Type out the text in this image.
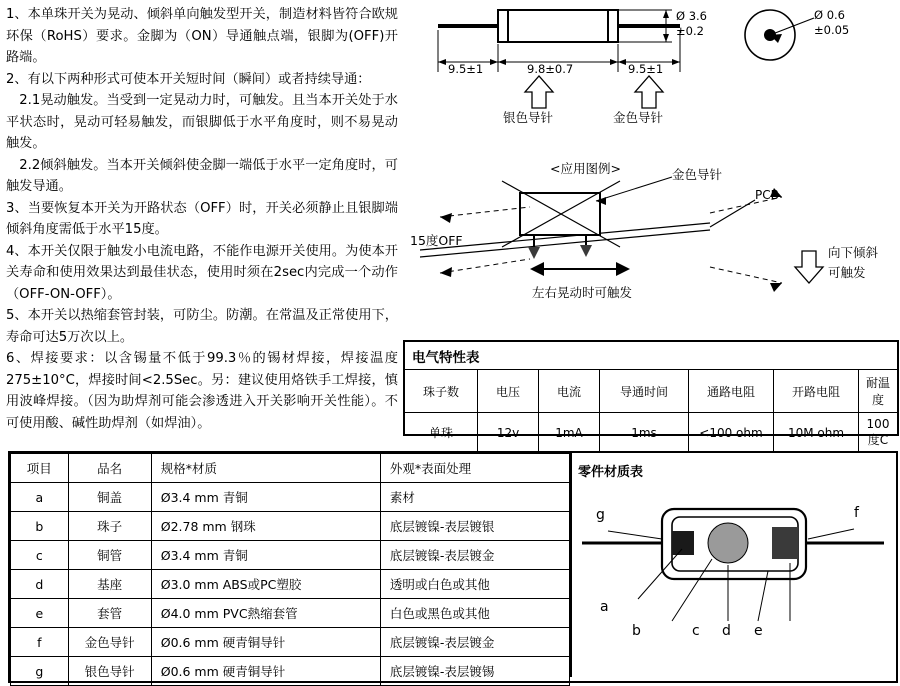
1、本单珠开关为晃动、倾斜单向触发型开关，制造材料皆符合欧规环保（RoHS）要求。金脚为（ON）导通触点端，银脚为(OFF)开路端。

2、有以下两种形式可使本开关短时间（瞬间）或者持续导通：

　2.1晃动触发。当受到一定晃动力时，可触发。且当本开关处于水平状态时，晃动可轻易触发，而银脚低于水平角度时，则不易晃动触发。

　2.2倾斜触发。当本开关倾斜使金脚一端低于水平一定角度时，可触发导通。

3、当要恢复本开关为开路状态（OFF）时，开关必须静止且银脚端倾斜角度需低于水平15度。

4、本开关仅限于触发小电流电路，不能作电源开关使用。为使本开关寿命和使用效果达到最佳状态，使用时须在2sec内完成一个动作（OFF-ON-OFF）。

5、本开关以热缩套管封装，可防尘。防潮。在常温及正常使用下，寿命可达5万次以上。

6、焊接要求：以含锡量不低于99.3％的锡材焊接，焊接温度275±10°C，焊接时间<2.5Sec。另：建议使用烙铁手工焊接，慎用波峰焊接。（因为助焊剂可能会渗透进入开关影响开关性能）。不可使用酸、碱性助焊剂（如焊油）。

9.5±1	9.8±0.7	9.5±1
Ø 3.6
±0.2
Ø 0.6
±0.05
银色导针	金色导针
<应用图例>	金色导针
PCB
15度OFF
向下倾斜
可触发
左右晃动时可触发
电气特性表
珠子数	电压	电流	导通时间	通路电阻	开路电阻	耐温度
单珠	12v	1mA	1ms	<100 ohm	10M ohm	100度C
项目	品名	规格*材质	外观*表面处理
a	铜盖	Ø3.4 mm 青铜	素材
b	珠子	Ø2.78 mm 钢珠	底层镀镍-表层镀银
c	铜管	Ø3.4 mm 青铜	底层镀镍-表层镀金
d	基座	Ø3.0 mm ABS或PC塑胶	透明或白色或其他
e	套管	Ø4.0 mm PVC熱缩套管	白色或黑色或其他
f	金色导针	Ø0.6 mm 硬青铜导针	底层镀镍-表层镀金
g	银色导针	Ø0.6 mm 硬青铜导针	底层镀镍-表层镀锡
零件材质表
a
b	c d e
f
g
